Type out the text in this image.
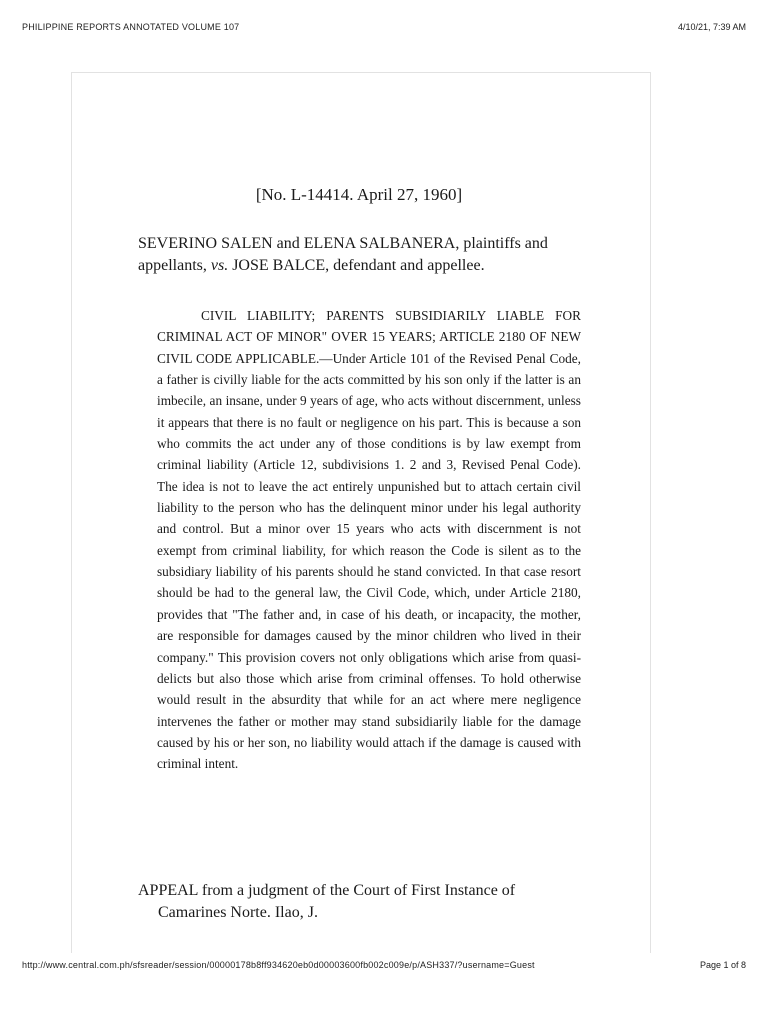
PHILIPPINE REPORTS ANNOTATED VOLUME 107	4/10/21, 7:39 AM
[No. L-14414. April 27, 1960]
SEVERINO SALEN and ELENA SALBANERA, plaintiffs and appellants, vs. JOSE BALCE, defendant and appellee.
CIVIL LIABILITY; PARENTS SUBSIDIARILY LIABLE FOR CRIMINAL ACT OF MINOR" OVER 15 YEARS; ARTICLE 2180 OF NEW CIVIL CODE APPLICABLE.—Under Article 101 of the Revised Penal Code, a father is civilly liable for the acts committed by his son only if the latter is an imbecile, an insane, under 9 years of age, who acts without discernment, unless it appears that there is no fault or negligence on his part. This is because a son who commits the act under any of those conditions is by law exempt from criminal liability (Article 12, subdivisions 1. 2 and 3, Revised Penal Code). The idea is not to leave the act entirely unpunished but to attach certain civil liability to the person who has the delinquent minor under his legal authority and control. But a minor over 15 years who acts with discernment is not exempt from criminal liability, for which reason the Code is silent as to the subsidiary liability of his parents should he stand convicted. In that case resort should be had to the general law, the Civil Code, which, under Article 2180, provides that "The father and, in case of his death, or incapacity, the mother, are responsible for damages caused by the minor children who lived in their company." This provision covers not only obligations which arise from quasi-delicts but also those which arise from criminal offenses. To hold otherwise would result in the absurdity that while for an act where mere negligence intervenes the father or mother may stand subsidiarily liable for the damage caused by his or her son, no liability would attach if the damage is caused with criminal intent.
APPEAL from a judgment of the Court of First Instance of
Camarines Norte. Ilao, J.
http://www.central.com.ph/sfsreader/session/00000178b8ff934620eb0d00003600fb002c009e/p/ASH337/?username=Guest	Page 1 of 8
